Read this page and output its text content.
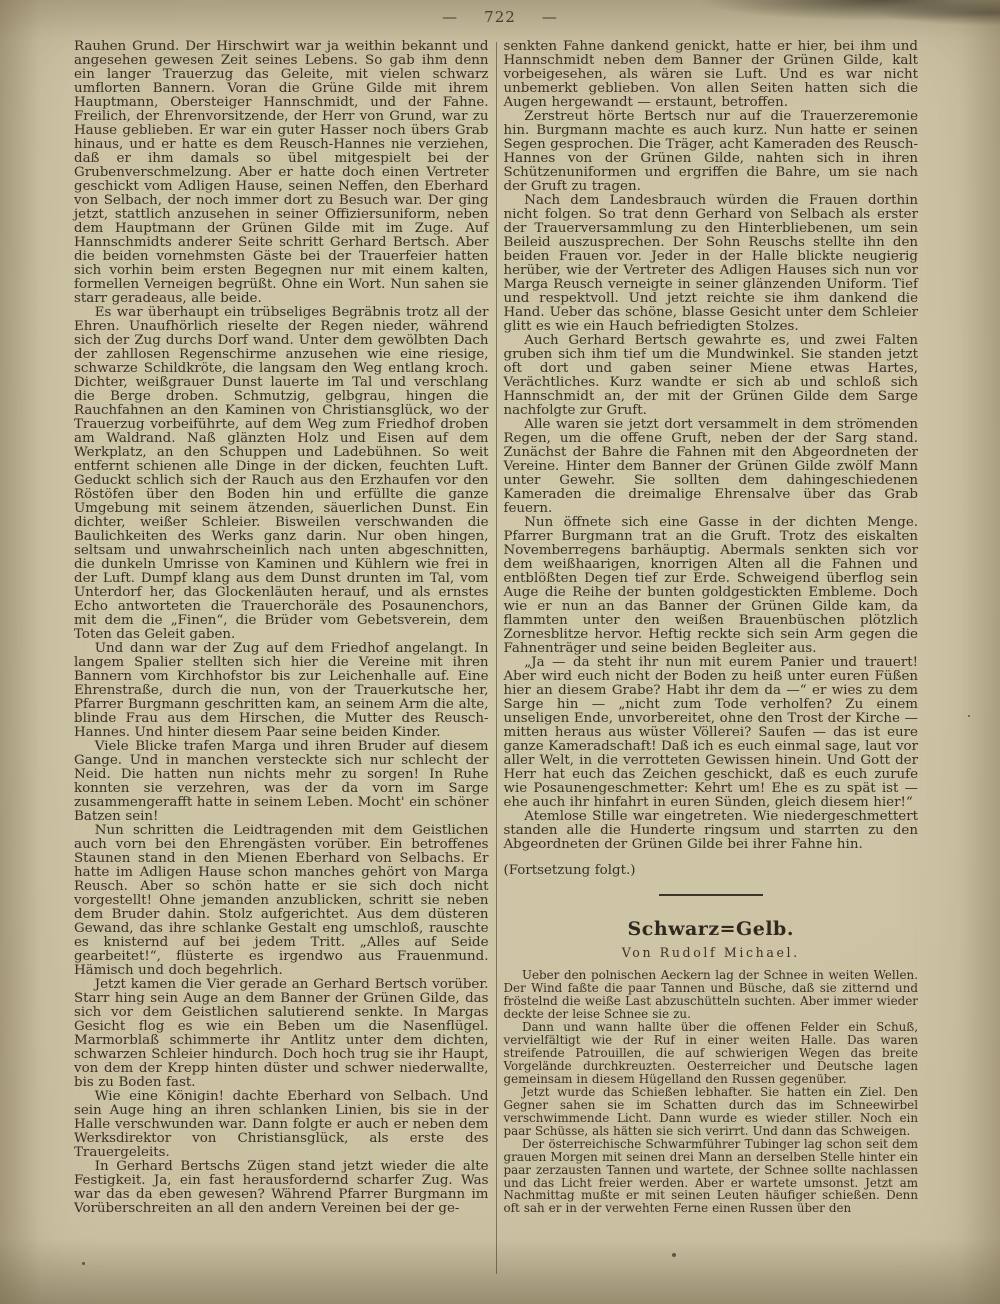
— 722 —

Rauhen Grund. Der Hirschwirt war ja weithin bekannt und angesehen gewesen Zeit seines Lebens. So gab ihm denn ein langer Trauerzug das Geleite, mit vielen schwarz umflorten Bannern. Voran die Grüne Gilde mit ihrem Hauptmann, Obersteiger Hannschmidt, und der Fahne. Freilich, der Ehrenvorsitzende, der Herr von Grund, war zu Hause geblieben. Er war ein guter Hasser noch übers Grab hinaus, und er hatte es dem Reusch-Hannes nie verziehen, daß er ihm damals so übel mitgespielt bei der Grubenverschmelzung. Aber er hatte doch einen Vertreter geschickt vom Adligen Hause, seinen Neffen, den Eberhard von Selbach, der noch immer dort zu Besuch war. Der ging jetzt, stattlich anzusehen in seiner Offiziersuniform, neben dem Hauptmann der Grünen Gilde mit im Zuge. Auf Hannschmidts anderer Seite schritt Gerhard Bertsch. Aber die beiden vornehmsten Gäste bei der Trauerfeier hatten sich vorhin beim ersten Begegnen nur mit einem kalten, formellen Verneigen begrüßt. Ohne ein Wort. Nun sahen sie starr geradeaus, alle beide.

Es war überhaupt ein trübseliges Begräbnis trotz all der Ehren. Unaufhörlich rieselte der Regen nieder, während sich der Zug durchs Dorf wand. Unter dem gewölbten Dach der zahllosen Regenschirme anzusehen wie eine riesige, schwarze Schildkröte, die langsam den Weg entlang kroch. Dichter, weißgrauer Dunst lauerte im Tal und verschlang die Berge droben. Schmutzig, gelbgrau, hingen die Rauchfahnen an den Kaminen von Christiansglück, wo der Trauerzug vorbeiführte, auf dem Weg zum Friedhof droben am Waldrand. Naß glänzten Holz und Eisen auf dem Werkplatz, an den Schuppen und Ladebühnen. So weit entfernt schienen alle Dinge in der dicken, feuchten Luft. Geduckt schlich sich der Rauch aus den Erzhaufen vor den Röstöfen über den Boden hin und erfüllte die ganze Umgebung mit seinem ätzenden, säuerlichen Dunst. Ein dichter, weißer Schleier. Bisweilen verschwanden die Baulichkeiten des Werks ganz darin. Nur oben hingen, seltsam und unwahrscheinlich nach unten abgeschnitten, die dunkeln Umrisse von Kaminen und Kühlern wie frei in der Luft. Dumpf klang aus dem Dunst drunten im Tal, vom Unterdorf her, das Glockenläuten herauf, und als ernstes Echo antworteten die Trauerchoräle des Posaunenchors, mit dem die „Finen“, die Brüder vom Gebetsverein, dem Toten das Geleit gaben.

Und dann war der Zug auf dem Friedhof angelangt. In langem Spalier stellten sich hier die Vereine mit ihren Bannern vom Kirchhofstor bis zur Leichenhalle auf. Eine Ehrenstraße, durch die nun, von der Trauerkutsche her, Pfarrer Burgmann geschritten kam, an seinem Arm die alte, blinde Frau aus dem Hirschen, die Mutter des Reusch-Hannes. Und hinter diesem Paar seine beiden Kinder.

Viele Blicke trafen Marga und ihren Bruder auf diesem Gange. Und in manchen versteckte sich nur schlecht der Neid. Die hatten nun nichts mehr zu sorgen! In Ruhe konnten sie verzehren, was der da vorn im Sarge zusammengerafft hatte in seinem Leben. Mocht' ein schöner Batzen sein!

Nun schritten die Leidtragenden mit dem Geistlichen auch vorn bei den Ehrengästen vorüber. Ein betroffenes Staunen stand in den Mienen Eberhard von Selbachs. Er hatte im Adligen Hause schon manches gehört von Marga Reusch. Aber so schön hatte er sie sich doch nicht vorgestellt! Ohne jemanden anzublicken, schritt sie neben dem Bruder dahin. Stolz aufgerichtet. Aus dem düsteren Gewand, das ihre schlanke Gestalt eng umschloß, rauschte es knisternd auf bei jedem Tritt. „Alles auf Seide gearbeitet!“, flüsterte es irgendwo aus Frauenmund. Hämisch und doch begehrlich.

Jetzt kamen die Vier gerade an Gerhard Bertsch vorüber. Starr hing sein Auge an dem Banner der Grünen Gilde, das sich vor dem Geistlichen salutierend senkte. In Margas Gesicht flog es wie ein Beben um die Nasenflügel. Marmorblaß schimmerte ihr Antlitz unter dem dichten, schwarzen Schleier hindurch. Doch hoch trug sie ihr Haupt, von dem der Krepp hinten düster und schwer niederwallte, bis zu Boden fast.

Wie eine Königin! dachte Eberhard von Selbach. Und sein Auge hing an ihren schlanken Linien, bis sie in der Halle verschwunden war. Dann folgte er auch er neben dem Werksdirektor von Christiansglück, als erste des Trauergeleits.

In Gerhard Bertschs Zügen stand jetzt wieder die alte Festigkeit. Ja, ein fast herausfordernd scharfer Zug. Was war das da eben gewesen? Während Pfarrer Burgmann im Vorüberschreiten an all den andern Vereinen bei der ge-

senkten Fahne dankend genickt, hatte er hier, bei ihm und Hannschmidt neben dem Banner der Grünen Gilde, kalt vorbeigesehen, als wären sie Luft. Und es war nicht unbemerkt geblieben. Von allen Seiten hatten sich die Augen hergewandt — erstaunt, betroffen.

Zerstreut hörte Bertsch nur auf die Trauerzeremonie hin. Burgmann machte es auch kurz. Nun hatte er seinen Segen gesprochen. Die Träger, acht Kameraden des Reusch-Hannes von der Grünen Gilde, nahten sich in ihren Schützenuniformen und ergriffen die Bahre, um sie nach der Gruft zu tragen.

Nach dem Landesbrauch würden die Frauen dorthin nicht folgen. So trat denn Gerhard von Selbach als erster der Trauerversammlung zu den Hinterbliebenen, um sein Beileid auszusprechen. Der Sohn Reuschs stellte ihn den beiden Frauen vor. Jeder in der Halle blickte neugierig herüber, wie der Vertreter des Adligen Hauses sich nun vor Marga Reusch verneigte in seiner glänzenden Uniform. Tief und respektvoll. Und jetzt reichte sie ihm dankend die Hand. Ueber das schöne, blasse Gesicht unter dem Schleier glitt es wie ein Hauch befriedigten Stolzes.

Auch Gerhard Bertsch gewahrte es, und zwei Falten gruben sich ihm tief um die Mundwinkel. Sie standen jetzt oft dort und gaben seiner Miene etwas Hartes, Verächtliches. Kurz wandte er sich ab und schloß sich Hannschmidt an, der mit der Grünen Gilde dem Sarge nachfolgte zur Gruft.

Alle waren sie jetzt dort versammelt in dem strömenden Regen, um die offene Gruft, neben der der Sarg stand. Zunächst der Bahre die Fahnen mit den Abgeordneten der Vereine. Hinter dem Banner der Grünen Gilde zwölf Mann unter Gewehr. Sie sollten dem dahingeschiedenen Kameraden die dreimalige Ehrensalve über das Grab feuern.

Nun öffnete sich eine Gasse in der dichten Menge. Pfarrer Burgmann trat an die Gruft. Trotz des eiskalten Novemberregens barhäuptig. Abermals senkten sich vor dem weißhaarigen, knorrigen Alten all die Fahnen und entblößten Degen tief zur Erde. Schweigend überflog sein Auge die Reihe der bunten goldgestickten Embleme. Doch wie er nun an das Banner der Grünen Gilde kam, da flammten unter den weißen Brauenbüschen plötzlich Zornesblitze hervor. Heftig reckte sich sein Arm gegen die Fahnenträger und seine beiden Begleiter aus.

„Ja — da steht ihr nun mit eurem Panier und trauert! Aber wird euch nicht der Boden zu heiß unter euren Füßen hier an diesem Grabe? Habt ihr dem da —“ er wies zu dem Sarge hin — „nicht zum Tode verholfen? Zu einem unseligen Ende, unvorbereitet, ohne den Trost der Kirche — mitten heraus aus wüster Völlerei? Saufen — das ist eure ganze Kameradschaft! Daß ich es euch einmal sage, laut vor aller Welt, in die verrotteten Gewissen hinein. Und Gott der Herr hat euch das Zeichen geschickt, daß es euch zurufe wie Posaunengeschmetter: Kehrt um! Ehe es zu spät ist — ehe auch ihr hinfahrt in euren Sünden, gleich diesem hier!“

Atemlose Stille war eingetreten. Wie niedergeschmettert standen alle die Hunderte ringsum und starrten zu den Abgeordneten der Grünen Gilde bei ihrer Fahne hin.

(Fortsetzung folgt.)

Schwarz=Gelb.
Von Rudolf Michael.

Ueber den polnischen Aeckern lag der Schnee in weiten Wellen. Der Wind faßte die paar Tannen und Büsche, daß sie zitternd und fröstelnd die weiße Last abzuschütteln suchten. Aber immer wieder deckte der leise Schnee sie zu.

Dann und wann hallte über die offenen Felder ein Schuß, vervielfältigt wie der Ruf in einer weiten Halle. Das waren streifende Patrouillen, die auf schwierigen Wegen das breite Vorgelände durchkreuzten. Oesterreicher und Deutsche lagen gemeinsam in diesem Hügelland den Russen gegenüber.

Jetzt wurde das Schießen lebhafter. Sie hatten ein Ziel. Den Gegner sahen sie im Schatten durch das im Schneewirbel verschwimmende Licht. Dann wurde es wieder stiller. Noch ein paar Schüsse, als hätten sie sich verirrt. Und dann das Schweigen.

Der österreichische Schwarmführer Tubinger lag schon seit dem grauen Morgen mit seinen drei Mann an derselben Stelle hinter ein paar zerzausten Tannen und wartete, der Schnee sollte nachlassen und das Licht freier werden. Aber er wartete umsonst. Jetzt am Nachmittag mußte er mit seinen Leuten häufiger schießen. Denn oft sah er in der verwehten Ferne einen Russen über den
